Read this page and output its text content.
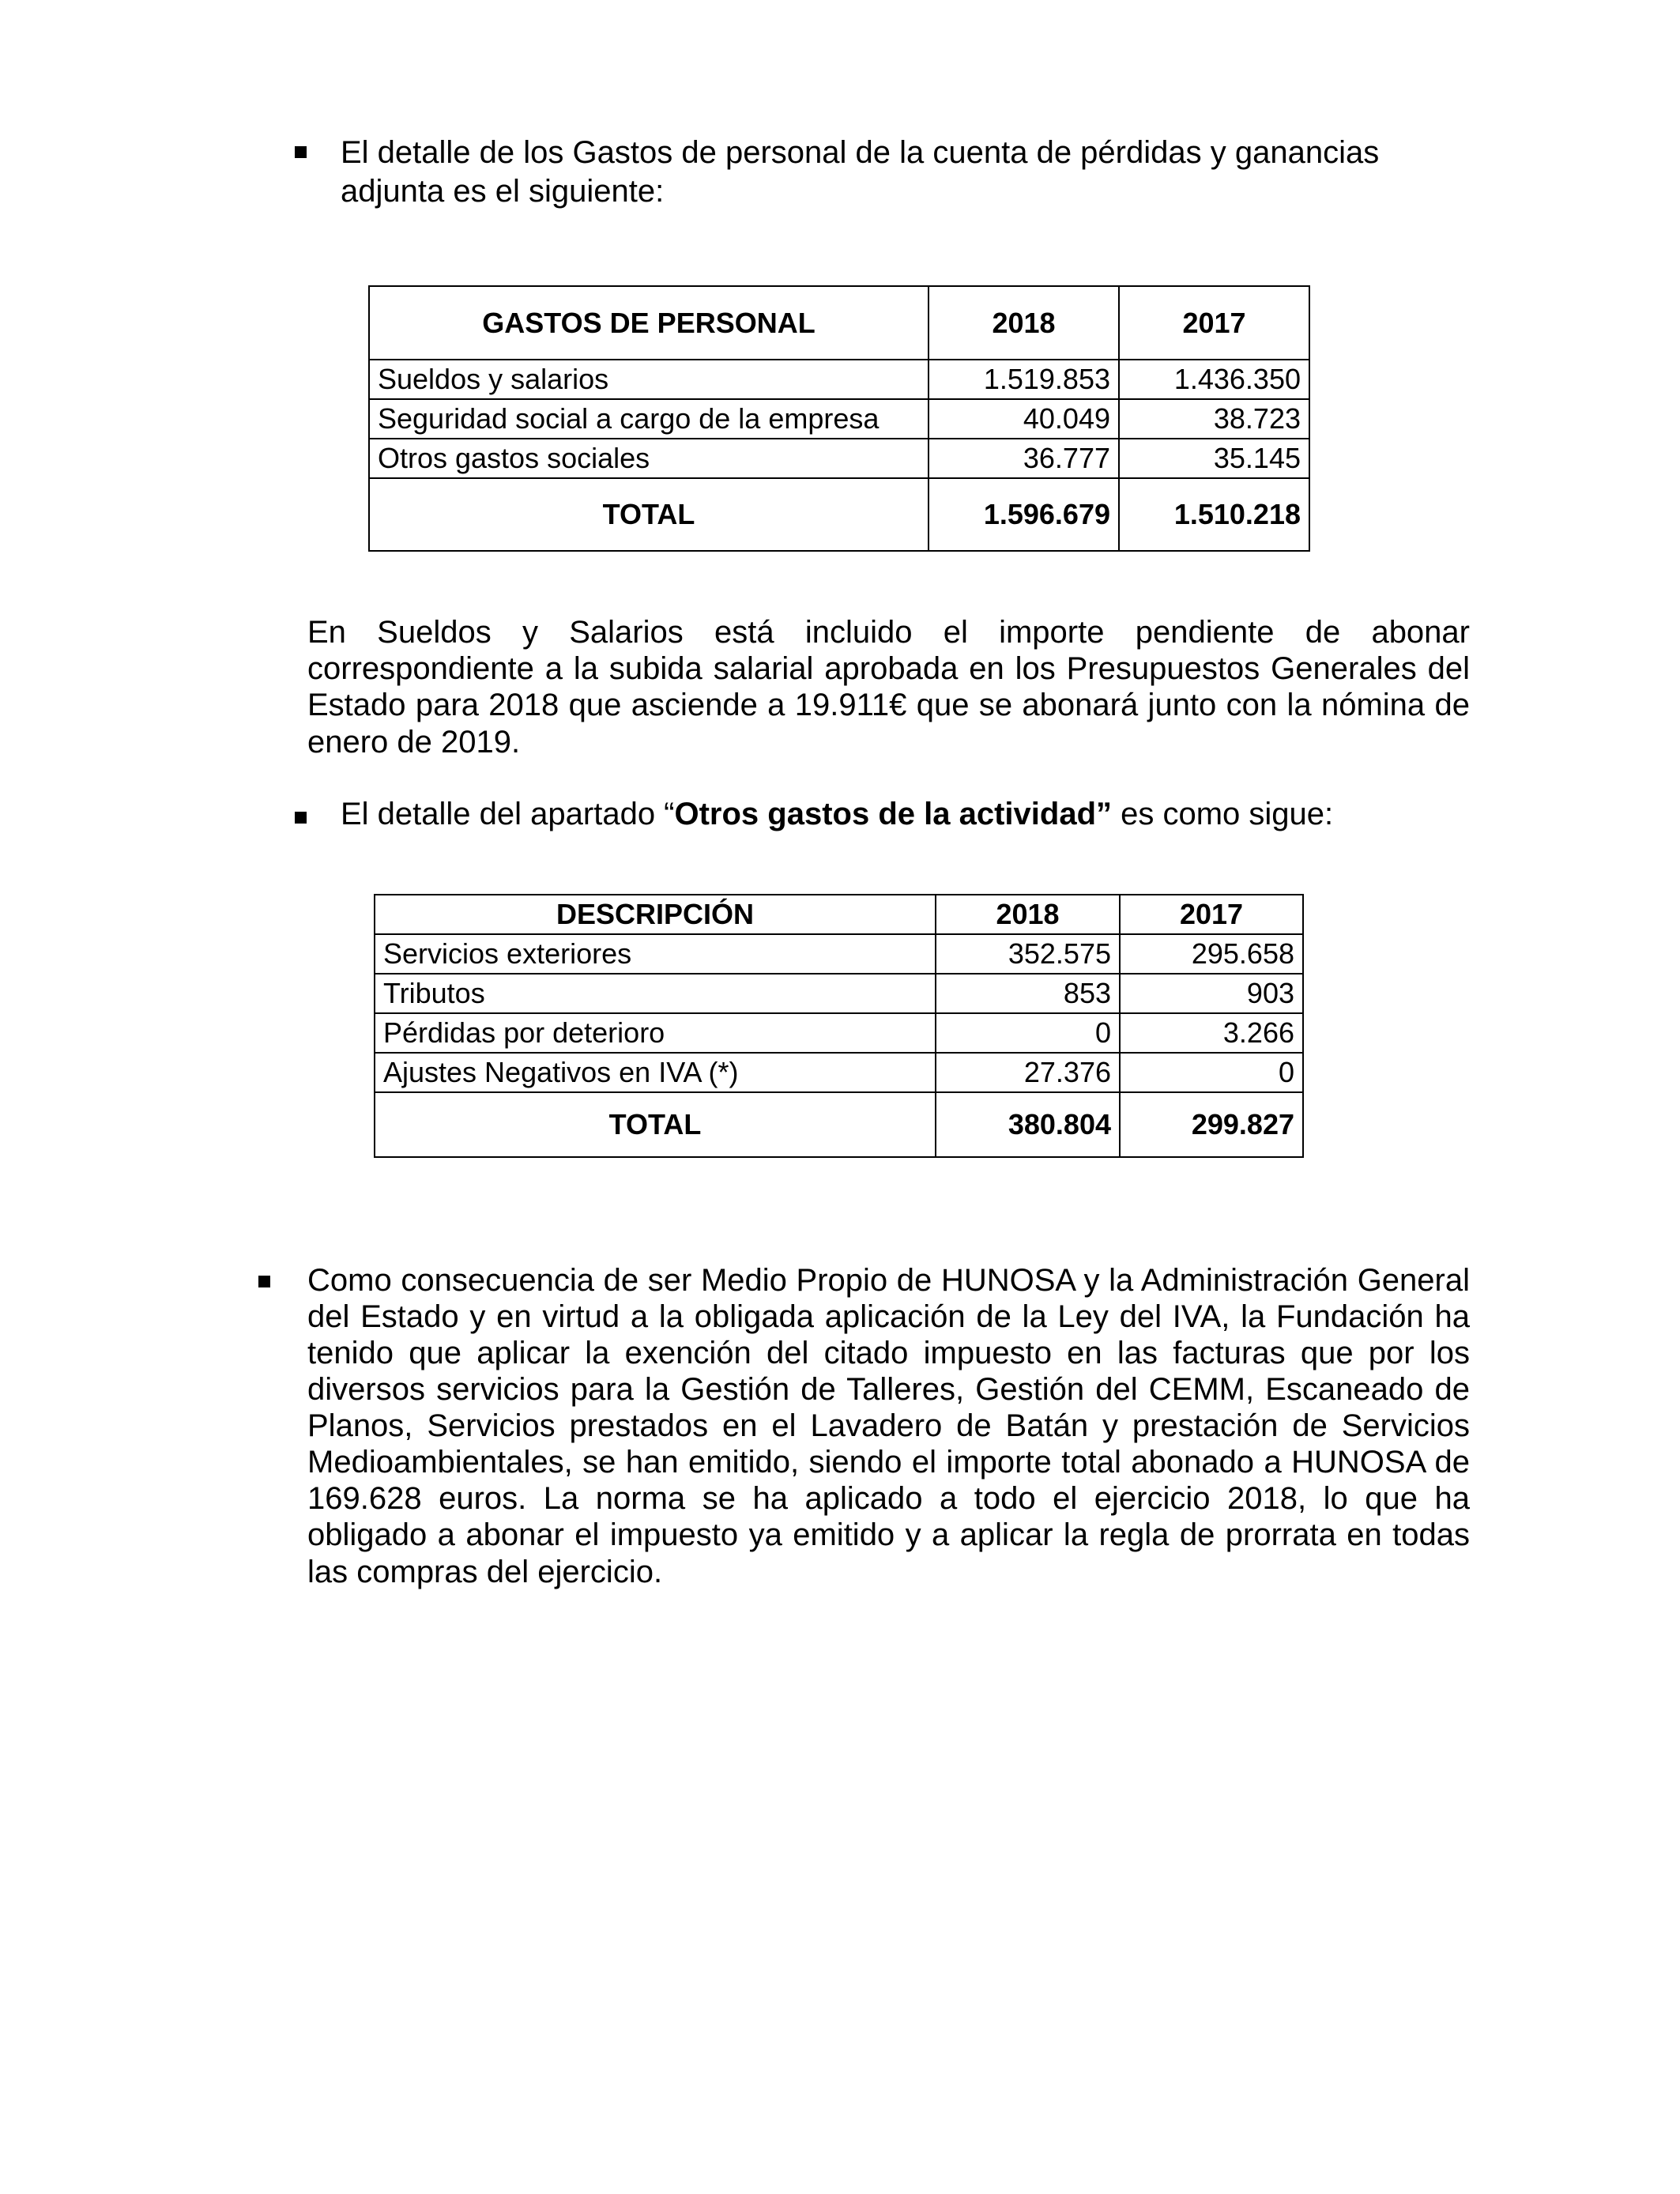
El detalle de los Gastos de personal de la cuenta de pérdidas y ganancias
adjunta es el siguiente:
GASTOS DE PERSONAL	2018	2017
Sueldos y salarios	1.519.853	1.436.350
Seguridad social a cargo de la empresa	40.049	38.723
Otros gastos sociales	36.777	35.145
TOTAL	1.596.679	1.510.218
En Sueldos y Salarios está incluido el importe pendiente de abonar
correspondiente a la subida salarial aprobada en los Presupuestos Generales del
Estado para 2018 que asciende a 19.911€ que se abonará junto con la nómina de
enero de 2019.
El detalle del apartado “Otros gastos de la actividad” es como sigue:
DESCRIPCIÓN	2018	2017
Servicios exteriores	352.575	295.658
Tributos	853	903
Pérdidas por deterioro	0	3.266
Ajustes Negativos en IVA (*)	27.376	0
TOTAL	380.804	299.827
Como consecuencia de ser Medio Propio de HUNOSA y la Administración General
del Estado y en virtud a la obligada aplicación de la Ley del IVA, la Fundación ha
tenido que aplicar la exención del citado impuesto en las facturas que por los
diversos servicios para la Gestión de Talleres, Gestión del CEMM, Escaneado de
Planos, Servicios prestados en el Lavadero de Batán y prestación de Servicios
Medioambientales, se han emitido, siendo el importe total abonado a HUNOSA de
169.628 euros. La norma se ha aplicado a todo el ejercicio 2018, lo que ha
obligado a abonar el impuesto ya emitido y a aplicar la regla de prorrata en todas
las compras del ejercicio.
